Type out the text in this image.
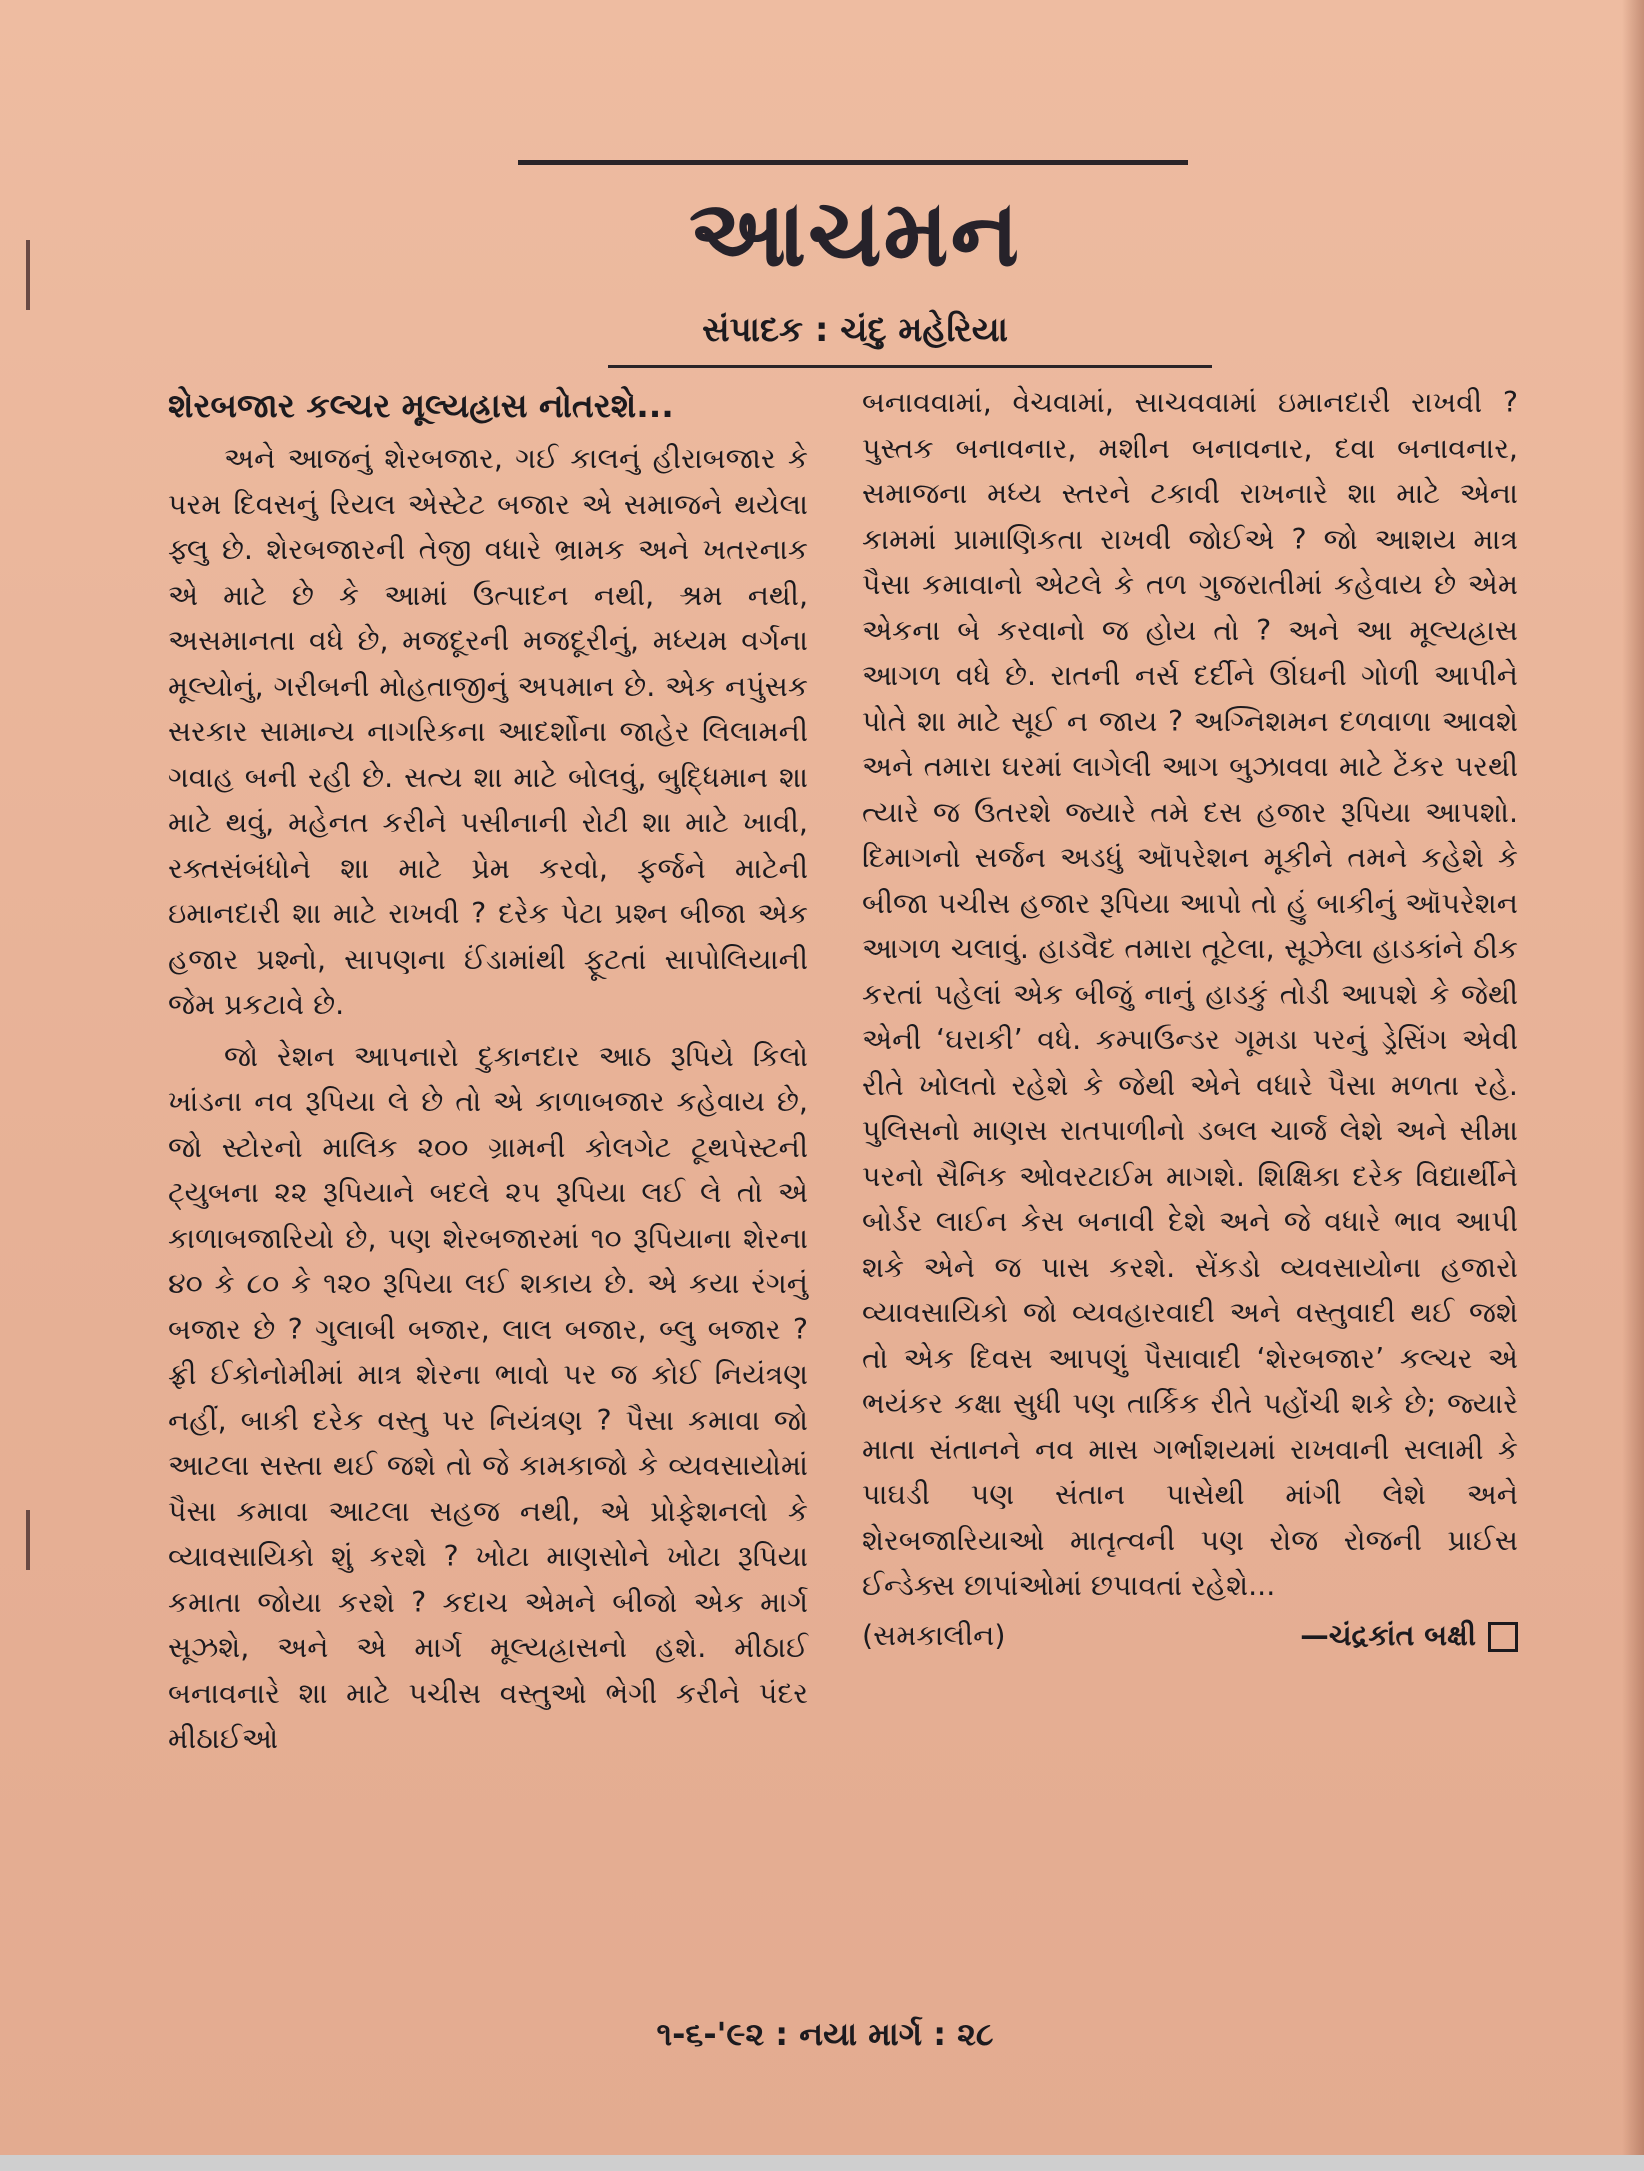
આચમન
સંપાદક : ચંદુ મહેરિયા
શેરબજાર કલ્ચર મૂલ્યહ્રાસ નોતરશે...

અને આજનું શેરબજાર, ગઈ કાલનું હીરાબજાર કે પરમ દિવસનું રિયલ એસ્ટેટ બજાર એ સમાજને થયેલા ફ્લુ છે. શેરબજારની તેજી વધારે ભ્રામક અને ખતરનાક એ માટે છે કે આમાં ઉત્પાદન નથી, શ્રમ નથી, અસમાનતા વધે છે, મજદૂરની મજદૂરીનું, મધ્યમ વર્ગના મૂલ્યોનું, ગરીબની મોહતાજીનું અપમાન છે. એક નપુંસક સરકાર સામાન્ય નાગરિકના આદર્શોના જાહેર લિલામની ગવાહ બની રહી છે. સત્ય શા માટે બોલવું, બુદ્ધિમાન શા માટે થવું, મહેનત કરીને પસીનાની રોટી શા માટે ખાવી, રક્તસંબંધોને શા માટે પ્રેમ કરવો, ફર્જને માટેની ઇમાનદારી શા માટે રાખવી ? દરેક પેટા પ્રશ્ન બીજા એક હજાર પ્રશ્નો, સાપણના ઈંડામાંથી ફૂટતાં સાપોલિયાની જેમ પ્રકટાવે છે.

જો રેશન આપનારો દુકાનદાર આઠ રૂપિયે કિલો ખાંડના નવ રૂપિયા લે છે તો એ કાળાબજાર કહેવાય છે, જો સ્ટોરનો માલિક ૨૦૦ ગ્રામની કોલગેટ ટૂથપેસ્ટની ટ્યુબના ૨૨ રૂપિયાને બદલે ૨૫ રૂપિયા લઈ લે તો એ કાળાબજારિયો છે, પણ શેરબજારમાં ૧૦ રૂપિયાના શેરના ૪૦ કે ૮૦ કે ૧૨૦ રૂપિયા લઈ શકાય છે. એ કયા રંગનું બજાર છે ? ગુલાબી બજાર, લાલ બજાર, બ્લુ બજાર ? ફ્રી ઈકોનોમીમાં માત્ર શેરના ભાવો પર જ કોઈ નિયંત્રણ નહીં, બાકી દરેક વસ્તુ પર નિયંત્રણ ? પૈસા કમાવા જો આટલા સસ્તા થઈ જશે તો જે કામકાજો કે વ્યવસાયોમાં પૈસા કમાવા આટલા સહજ નથી, એ પ્રોફેશનલો કે વ્યાવસાયિકો શું કરશે ? ખોટા માણસોને ખોટા રૂપિયા કમાતા જોયા કરશે ? કદાચ એમને બીજો એક માર્ગ સૂઝશે, અને એ માર્ગ મૂલ્યહ્રાસનો હશે. મીઠાઈ બનાવનારે શા માટે પચીસ વસ્તુઓ ભેગી કરીને પંદર મીઠાઈઓ

બનાવવામાં, વેચવામાં, સાચવવામાં ઇમાનદારી રાખવી ? પુસ્તક બનાવનાર, મશીન બનાવનાર, દવા બનાવનાર, સમાજના મધ્ય સ્તરને ટકાવી રાખનારે શા માટે એના કામમાં પ્રામાણિકતા રાખવી જોઈએ ? જો આશય માત્ર પૈસા કમાવાનો એટલે કે તળ ગુજરાતીમાં કહેવાય છે એમ એકના બે કરવાનો જ હોય તો ? અને આ મૂલ્યહ્રાસ આગળ વધે છે. રાતની નર્સ દર્દીને ઊંઘની ગોળી આપીને પોતે શા માટે સૂઈ ન જાય ? અગ્નિશમન દળવાળા આવશે અને તમારા ઘરમાં લાગેલી આગ બુઝાવવા માટે ટેંકર પરથી ત્યારે જ ઉતરશે જ્યારે તમે દસ હજાર રૂપિયા આપશો. દિમાગનો સર્જન અડધું ઑપરેશન મૂકીને તમને કહેશે કે બીજા પચીસ હજાર રૂપિયા આપો તો હું બાકીનું ઑપરેશન આગળ ચલાવું. હાડવૈદ તમારા તૂટેલા, સૂઝેલા હાડકાંને ઠીક કરતાં પહેલાં એક બીજું નાનું હાડકું તોડી આપશે કે જેથી એની ‘ઘરાકી’ વધે. કમ્પાઉન્ડર ગૂમડા પરનું ડ્રેસિંગ એવી રીતે ખોલતો રહેશે કે જેથી એને વધારે પૈસા મળતા રહે. પુલિસનો માણસ રાતપાળીનો ડબલ ચાર્જ લેશે અને સીમા પરનો સૈનિક ઓવરટાઈમ માગશે. શિક્ષિકા દરેક વિદ્યાર્થીને બોર્ડર લાઈન કેસ બનાવી દેશે અને જે વધારે ભાવ આપી શકે એને જ પાસ કરશે. સેંકડો વ્યવસાયોના હજારો વ્યાવસાયિકો જો વ્યવહારવાદી અને વસ્તુવાદી થઈ જશે તો એક દિવસ આપણું પૈસાવાદી ‘શેરબજાર’ કલ્ચર એ ભયંકર કક્ષા સુધી પણ તાર્કિક રીતે પહોંચી શકે છે; જ્યારે માતા સંતાનને નવ માસ ગર્ભાશયમાં રાખવાની સલામી કે પાઘડી પણ સંતાન પાસેથી માંગી લેશે અને શેરબજારિયાઓ માતૃત્વની પણ રોજ રોજની પ્રાઈસ ઈન્ડેક્સ છાપાંઓમાં છપાવતાં રહેશે...

(સમકાલીન)	—ચંદ્રકાંત બક્ષી
૧-૬-'૯૨ : નયા માર્ગ : ૨૮
